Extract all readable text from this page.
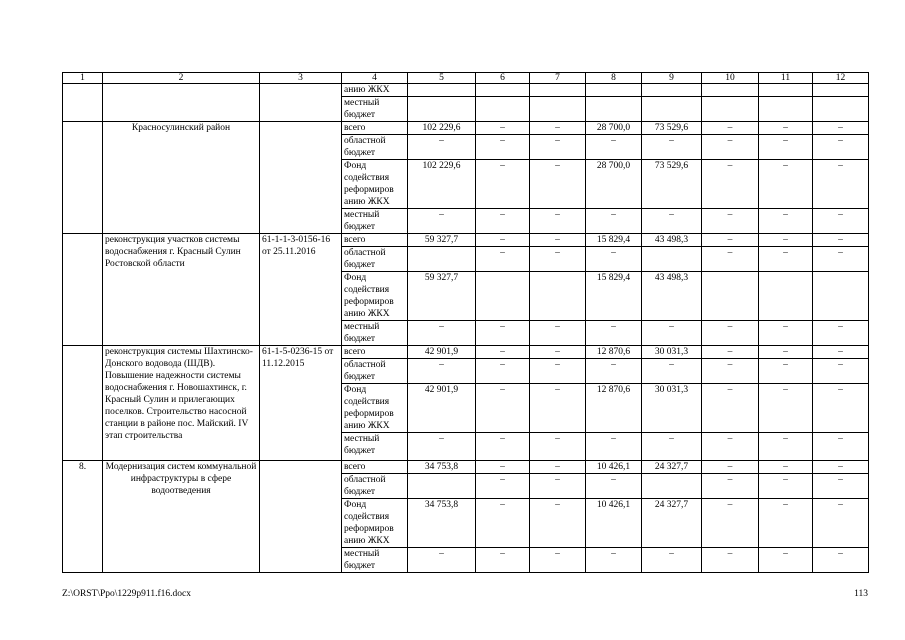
1	2	3	4	5	6	7	8	9	10	11	12
			анию ЖКХ								
			местный бюджет								
	Красносулинский район		всего	102 229,6	–	–	28 700,0	73 529,6	–	–	–
			областной бюджет	–	–	–	–	–	–	–	–
			Фонд содействия реформиров анию ЖКХ	102 229,6	–	–	28 700,0	73 529,6	–	–	–
			местный бюджет	–	–	–	–	–	–	–	–
	реконструкция участков системы водоснабжения г. Красный Сулин Ростовской области	61-1-1-3-0156-16 от 25.11.2016	всего	59 327,7	–	–	15 829,4	43 498,3	–	–	–
			областной бюджет		–	–	–		–	–	–
			Фонд содействия реформиров анию ЖКХ	59 327,7			15 829,4	43 498,3			
			местный бюджет	–	–	–	–	–	–	–	–
	реконструкция системы Шахтинско-Донского водовода (ШДВ). Повышение надежности системы водоснабжения г. Новошахтинск, г. Красный Сулин и прилегающих поселков. Строительство насосной станции в районе пос. Майский. IV этап строительства	61-1-5-0236-15 от 11.12.2015	всего	42 901,9	–	–	12 870,6	30 031,3	–	–	–
			областной бюджет	–	–	–	–	–	–	–	–
			Фонд содействия реформиров анию ЖКХ	42 901,9	–	–	12 870,6	30 031,3	–	–	–
			местный бюджет	–	–	–	–	–	–	–	–
8.	Модернизация систем коммунальной инфраструктуры в сфере водоотведения		всего	34 753,8	–	–	10 426,1	24 327,7	–	–	–
			областной бюджет		–	–	–		–	–	–
			Фонд содействия реформиров анию ЖКХ	34 753,8	–	–	10 426,1	24 327,7	–	–	–
			местный бюджет	–	–	–	–	–	–	–	–
Z:\ORST\Ppo\1229p911.f16.docx	113
